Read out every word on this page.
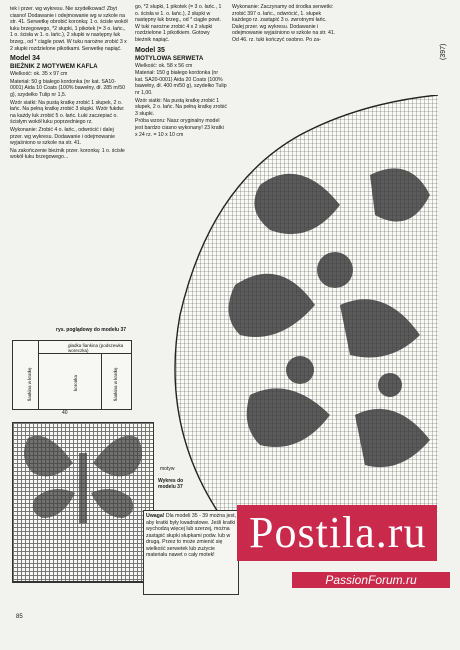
tek i przer. wg wykresu. Nie szydełkować! Zbyt ciasno! Dodawanie i odejmowanie wg w szkole na str. 41. Serwetkę obrobić koronką: 1 o. ścisłe wokół łuku brzegowego, *2 słupki, 1 pikotek (= 3 o. łańc., 1 o. ścisła w 1. o. łańc.), 2 słupki w następny łuk brzeg., od * ciągle powt. W tuku narożne zrobić 3 x 2 słupki rozdzielone pikotkami. Serwetkę napiąć.

Model 34
BIEŻNIK Z MOTYWEM KAFLA

Wielkość: ok. 35 x 97 cm

Materiał: 50 g białego kordonka (nr kat. SA10-0001) Aida 10 Coats (100% bawełny, dł. 285 m/50 g), szydełko Tulip nr 1,5.

Wzór siatki: Na pustą kratkę zrobić 1 słupek, 2 o. łańc. Na pełną kratkę zrobić 3 słupki. Wzór fukdw: na każdy łuk zrobić 5 o. łańc. Łuki zaczepiać o. ścisłym wokół łuku poprzedniego rz.

Wykonanie: Zrobić 4 o. łańc., odwrócić i dalej przer. wg wykresu. Dodawanie i odejmowanie wyjaśniono w szkole na str. 41.

Na zakończenie bieżnik przer. koronką: 1 o. ścisłe wokół łuku brzegowego...

rys. poglądowy do modelu 37
gładka fiankina (podszewka woreczka)
fiankina w kratkę	koronka	fiankina w kratkę
40
85

go, *2 słupki, 1 pikotek (= 3 o. łańc., 1 o. ścisła w 1. o. łańc.), 2 słupki w następny łuk brzeg., od * ciągle powt. W tuki narożne zrobić 4 x 2 słupki rozdzielone 1 pikotkiem. Gotowy bieżnik napiąć.

Model 35
MOTYLOWA SERWETA

Wielkość: ok. 58 x 56 cm

Materiał: 150 g białego kordonka (nr kat. SA20-0001) Aida 20 Coats (100% bawełny, dł. 400 m/50 g), szydełko Tulip nr 1,00.

Wzór siatki: Na pustą kratkę zrobić 1 słupek, 2 o. łańc. Na pełną kratkę zrobić 3 słupki.

Próba wzoru: Nasz oryginalny model jest bardzo ciasno wykonany! 23 kratki x 24 rz. = 10 x 10 cm

motyw
Wykres do modelu 37

Wykonanie: Zaczynamy od środka serwetki: zrobić 397 o. łańc., odwrócić, 1. słupek każdego rz. zastąpić 3 o. zwrotnymi łańc. Dalej przer. wg wykresu. Dodawanie i odejmowanie wyjaśniono w szkole na str. 41. Od 46. rz. tuki kończyć osobno. Po za-

(397)
Uwaga! Dla modeli 35 - 39 można jest, aby kratki były kwadratowe. Jeśli kratki wychodzą więcej lub szerzej, można zastąpić słupki słupkami podw. lub w drugą. Przez to może zmienić się wielkość serwetek lub zużycie materiału nawet o cały motek! Postila.ru
PassionForum.ru
